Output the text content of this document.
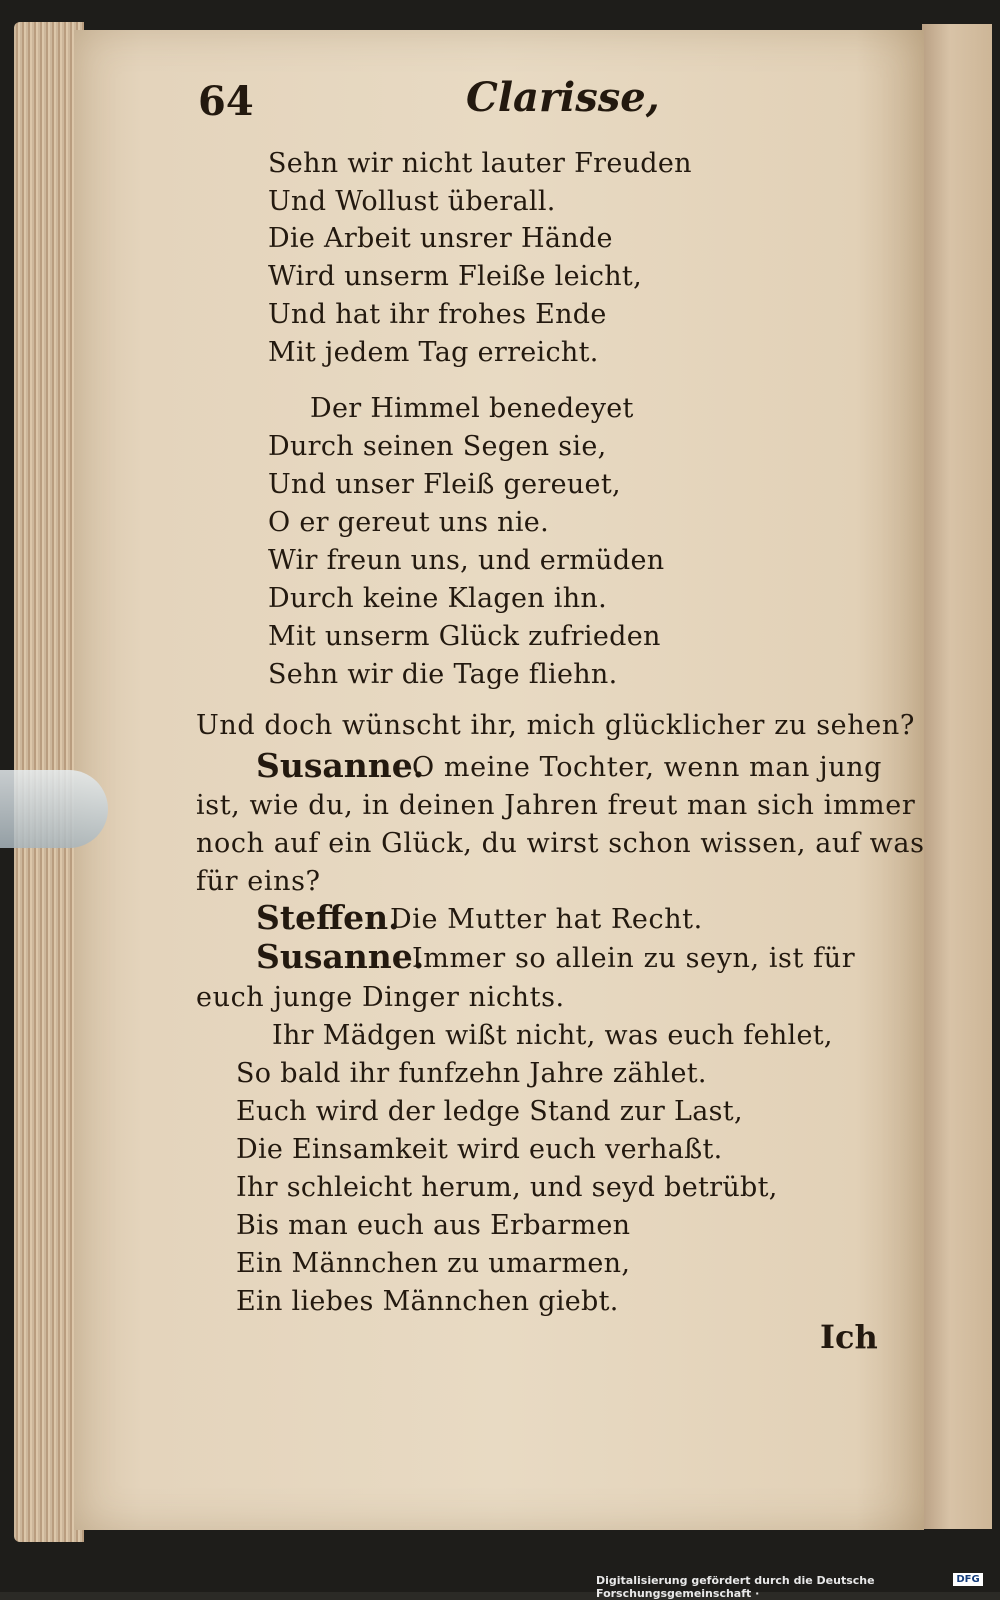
64	Clarisse,
Sehn wir nicht lauter Freuden
Und Wollust überall.
Die Arbeit unsrer Hände
Wird unserm Fleiße leicht,
Und hat ihr frohes Ende
Mit jedem Tag erreicht.
Der Himmel benedeyet
Durch seinen Segen sie,
Und unser Fleiß gereuet,
O er gereut uns nie.
Wir freun uns, und ermüden
Durch keine Klagen ihn.
Mit unserm Glück zufrieden
Sehn wir die Tage fliehn.
Und doch wünscht ihr, mich glücklicher zu sehen?
Susanne.
O meine Tochter, wenn man jung
ist, wie du, in deinen Jahren freut man sich immer
noch auf ein Glück, du wirst schon wissen, auf was
für eins?
Steffen.
Die Mutter hat Recht.
Susanne.
Immer so allein zu seyn, ist für
euch junge Dinger nichts.
Ihr Mädgen wißt nicht, was euch fehlet,
So bald ihr funfzehn Jahre zählet.
Euch wird der ledge Stand zur Last,
Die Einsamkeit wird euch verhaßt.
Ihr schleicht herum, und seyd betrübt,
Bis man euch aus Erbarmen
Ein Männchen zu umarmen,
Ein liebes Männchen giebt.
Ich
Digitalisierung gefördert durch die Deutsche Forschungsgemeinschaft ·
DFG
